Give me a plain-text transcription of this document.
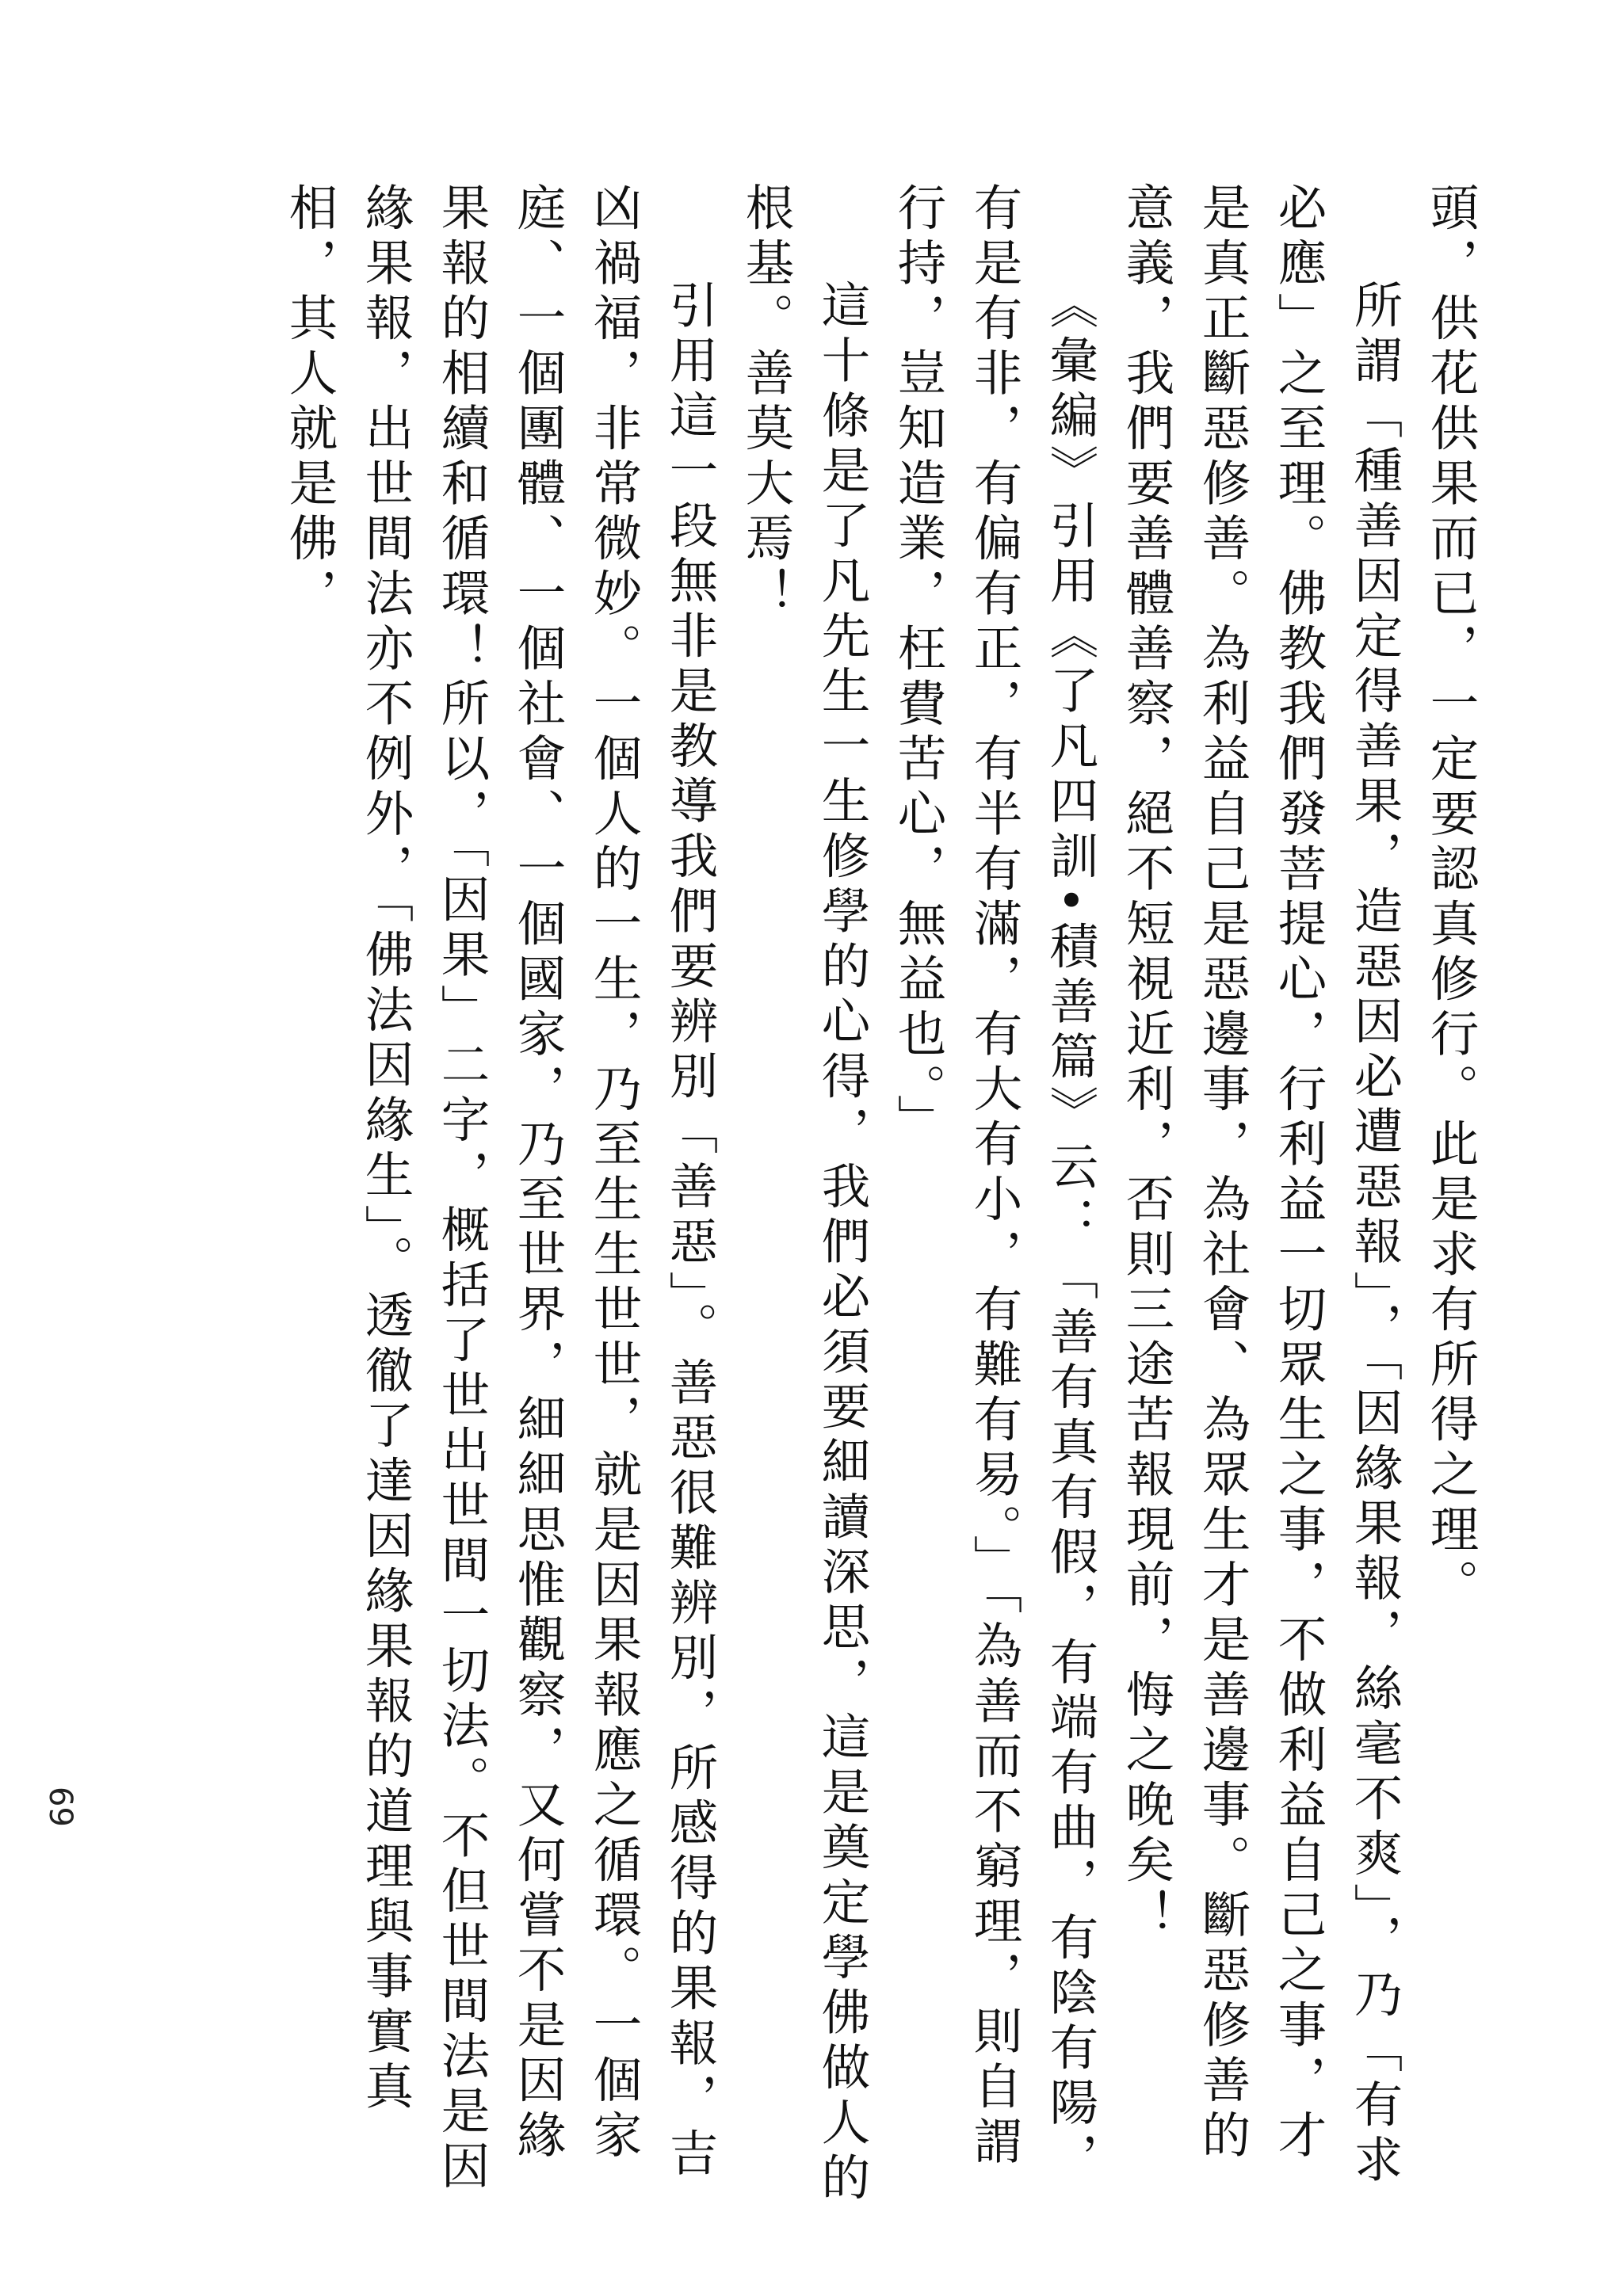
頭，供花供果而已，一定要認真修行。此是求有所得之理。

所謂「種善因定得善果，造惡因必遭惡報」，「因緣果報，絲毫不爽」，乃「有求必應」之至理。佛教我們發菩提心，行利益一切眾生之事，不做利益自己之事，才是真正斷惡修善。為利益自己是惡邊事，為社會、為眾生才是善邊事。斷惡修善的意義，我們要善體善察，絕不短視近利，否則三途苦報現前，悔之晚矣！

《彙編》引用《了凡四訓•積善篇》云：「善有真有假，有端有曲，有陰有陽，有是有非，有偏有正，有半有滿，有大有小，有難有易。」「為善而不窮理，則自謂行持，豈知造業，枉費苦心，無益也。」

這十條是了凡先生一生修學的心得，我們必須要細讀深思，這是奠定學佛做人的根基。善莫大焉！

引用這一段無非是教導我們要辨別「善惡」。善惡很難辨別，所感得的果報，吉凶禍福，非常微妙。一個人的一生，乃至生生世世，就是因果報應之循環。一個家庭、一個團體、一個社會、一個國家，乃至世界，細細思惟觀察，又何嘗不是因緣果報的相續和循環！所以，「因果」二字，概括了世出世間一切法。不但世間法是因緣果報，出世間法亦不例外，「佛法因緣生」。透徹了達因緣果報的道理與事實真相，其人就是佛，

69
